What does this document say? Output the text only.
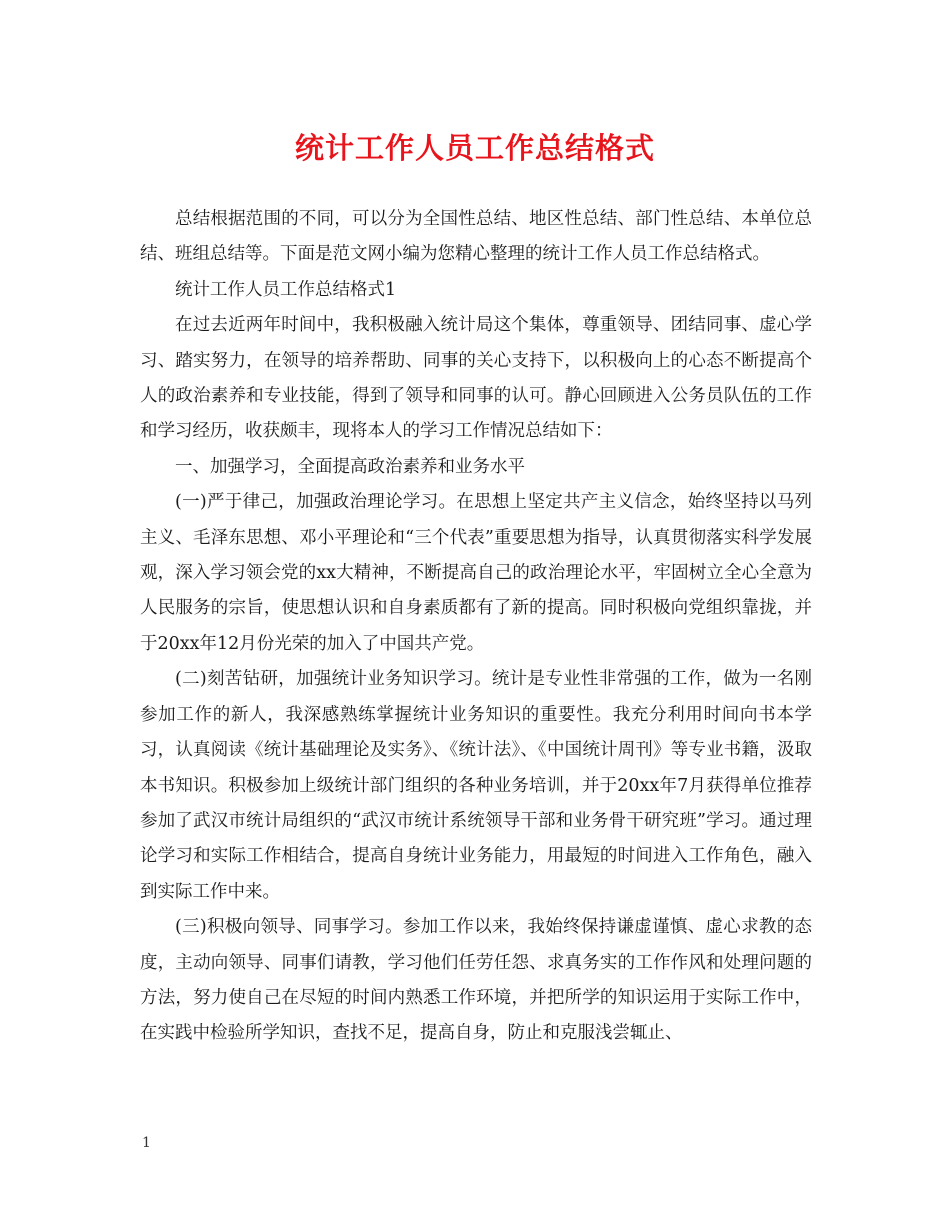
统计工作人员工作总结格式

总结根据范围的不同，可以分为全国性总结、地区性总结、部门性总结、本单位总结、班组总结等。下面是范文网小编为您精心整理的统计工作人员工作总结格式。

统计工作人员工作总结格式1

在过去近两年时间中，我积极融入统计局这个集体，尊重领导、团结同事、虚心学习、踏实努力，在领导的培养帮助、同事的关心支持下，以积极向上的心态不断提高个人的政治素养和专业技能，得到了领导和同事的认可。静心回顾进入公务员队伍的工作和学习经历，收获颇丰，现将本人的学习工作情况总结如下：

一、加强学习，全面提高政治素养和业务水平

(一)严于律己，加强政治理论学习。在思想上坚定共产主义信念，始终坚持以马列主义、毛泽东思想、邓小平理论和“三个代表”重要思想为指导，认真贯彻落实科学发展观，深入学习领会党的xx大精神，不断提高自己的政治理论水平，牢固树立全心全意为人民服务的宗旨，使思想认识和自身素质都有了新的提高。同时积极向党组织靠拢，并于20xx年12月份光荣的加入了中国共产党。

(二)刻苦钻研，加强统计业务知识学习。统计是专业性非常强的工作，做为一名刚参加工作的新人，我深感熟练掌握统计业务知识的重要性。我充分利用时间向书本学习，认真阅读《统计基础理论及实务》、《统计法》、《中国统计周刊》等专业书籍，汲取本书知识。积极参加上级统计部门组织的各种业务培训，并于20xx年7月获得单位推荐参加了武汉市统计局组织的“武汉市统计系统领导干部和业务骨干研究班”学习。通过理论学习和实际工作相结合，提高自身统计业务能力，用最短的时间进入工作角色，融入到实际工作中来。

(三)积极向领导、同事学习。参加工作以来，我始终保持谦虚谨慎、虚心求教的态度，主动向领导、同事们请教，学习他们任劳任怨、求真务实的工作作风和处理问题的方法，努力使自己在尽短的时间内熟悉工作环境，并把所学的知识运用于实际工作中，在实践中检验所学知识，查找不足，提高自身，防止和克服浅尝辄止、

1
